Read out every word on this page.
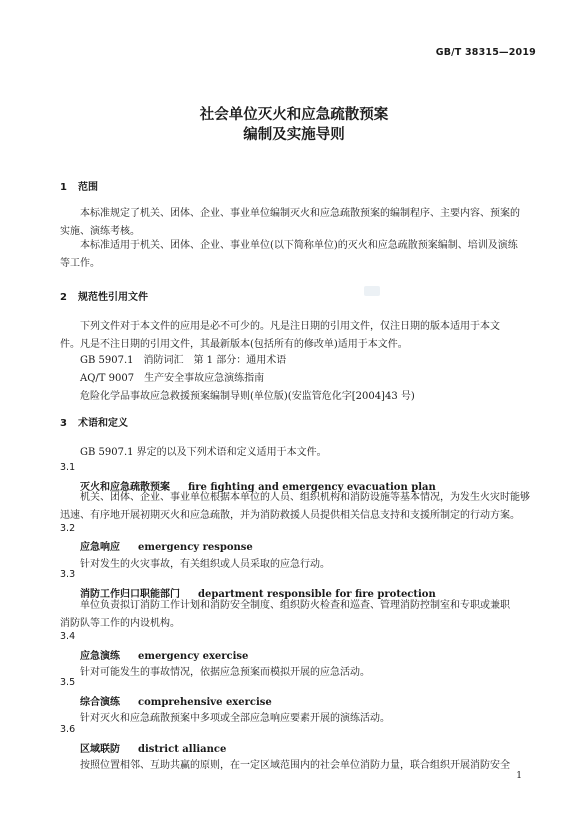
GB/T 38315—2019
社会单位灭火和应急疏散预案
编制及实施导则
1 范围
本标准规定了机关、团体、企业、事业单位编制灭火和应急疏散预案的编制程序、主要内容、预案的
实施、演练考核。
本标准适用于机关、团体、企业、事业单位(以下简称单位)的灭火和应急疏散预案编制、培训及演练
等工作。
2 规范性引用文件
下列文件对于本文件的应用是必不可少的。凡是注日期的引用文件，仅注日期的版本适用于本文
件。凡是不注日期的引用文件，其最新版本(包括所有的修改单)适用于本文件。
GB 5907.1　消防词汇　第 1 部分：通用术语
AQ/T 9007　生产安全事故应急演练指南
危险化学品事故应急救援预案编制导则(单位版)(安监管危化字[2004]43 号)
3 术语和定义
GB 5907.1 界定的以及下列术语和定义适用于本文件。
3.1
灭火和应急疏散预案 fire fighting and emergency evacuation plan
机关、团体、企业、事业单位根据本单位的人员、组织机构和消防设施等基本情况，为发生火灾时能够
迅速、有序地开展初期灭火和应急疏散，并为消防救援人员提供相关信息支持和支援所制定的行动方案。
3.2
应急响应 emergency response
针对发生的火灾事故，有关组织或人员采取的应急行动。
3.3
消防工作归口职能部门 department responsible for fire protection
单位负责拟订消防工作计划和消防安全制度、组织防火检查和巡查、管理消防控制室和专职或兼职
消防队等工作的内设机构。
3.4
应急演练 emergency exercise
针对可能发生的事故情况，依据应急预案而模拟开展的应急活动。
3.5
综合演练 comprehensive exercise
针对灭火和应急疏散预案中多项或全部应急响应要素开展的演练活动。
3.6
区域联防 district alliance
按照位置相邻、互助共赢的原则，在一定区域范围内的社会单位消防力量，联合组织开展消防安全
1
